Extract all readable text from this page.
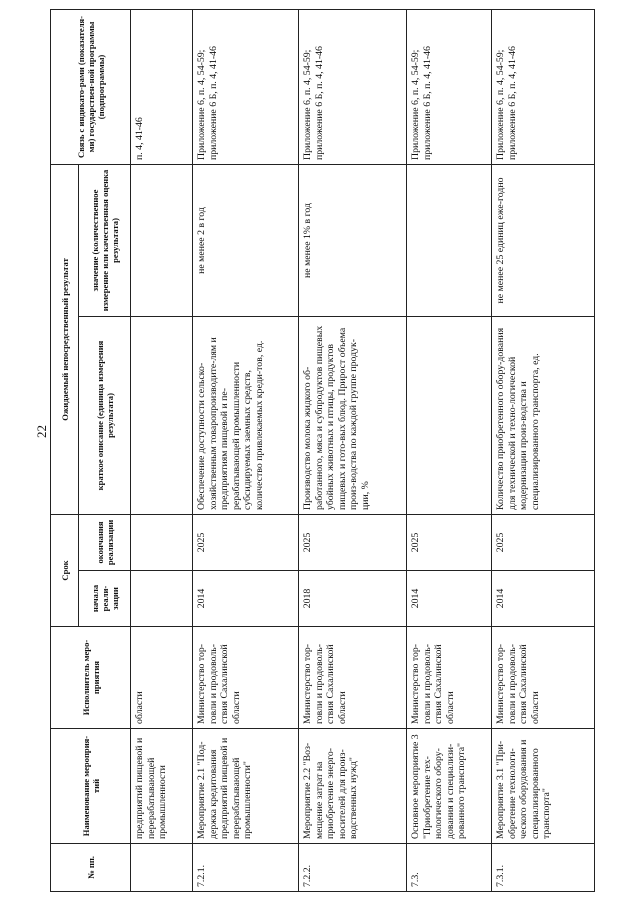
22
№ пп.	Наименование мероприя-тий	Исполнитель меро-приятия	Срок		Ожидаемый непосредственный результат		Связь с индикато-рами (показателя-ми) государствен-ной программы (подпрограммы)
			начала реали-зации	окончания реализации	краткое описание (единица измерения результата)	значение (количественное измерение или качественная оценка результата)	
	предприятий пищевой и перерабатывающей промышленности	области					п. 4, 41-46
7.2.1.	Мероприятие 2.1 "Под-держка кредитования предприятий пищевой и перерабатывающей промышленности"	Министерство тор-говли и продоволь-ствия Сахалинской области	2014	2025	Обеспечение доступности сельско-хозяйственным товаропроизводите-лям и предприятиям пищевой и пе-рерабатывающей промышленности субсидируемых заемных средств, количество привлекаемых креди-тов, ед.	не менее 2 в год	Приложение 6, п. 4, 54-59; приложение 6 Б, п. 4, 41-46
7.2.2.	Мероприятие 2.2 "Воз-мещение затрат на приобретение энерго-носителей для произ-водственных нужд"	Министерство тор-говли и продоволь-ствия Сахалинской области	2018	2025	Производство молока жидкого об-работанного, мяса и субпродуктов пищевых убойных животных и птицы, продуктов пищевых и гото-вых блюд. Прирост объема произ-водства по каждой группе продук-ции, %	не менее 1% в год	Приложение 6, п. 4, 54-59; приложение 6 Б, п. 4, 41-46
7.3.	Основное мероприятие 3 "Приобретение тех-нологического обору-дования и специализи-рованного транспорта"	Министерство тор-говли и продоволь-ствия Сахалинской области	2014	2025			Приложение 6, п. 4, 54-59; приложение 6 Б, п. 4, 41-46
7.3.1.	Мероприятие 3.1 "При-обретение технологи-ческого оборудования и специализированного транспорта"	Министерство тор-говли и продоволь-ствия Сахалинской области	2014	2025	Количество приобретенного обору-дования для технической и техно-логической модернизации произ-водства и специализированного транспорта, ед.	не менее 25 единиц еже-годно	Приложение 6, п. 4, 54-59; приложение 6 Б, п. 4, 41-46
